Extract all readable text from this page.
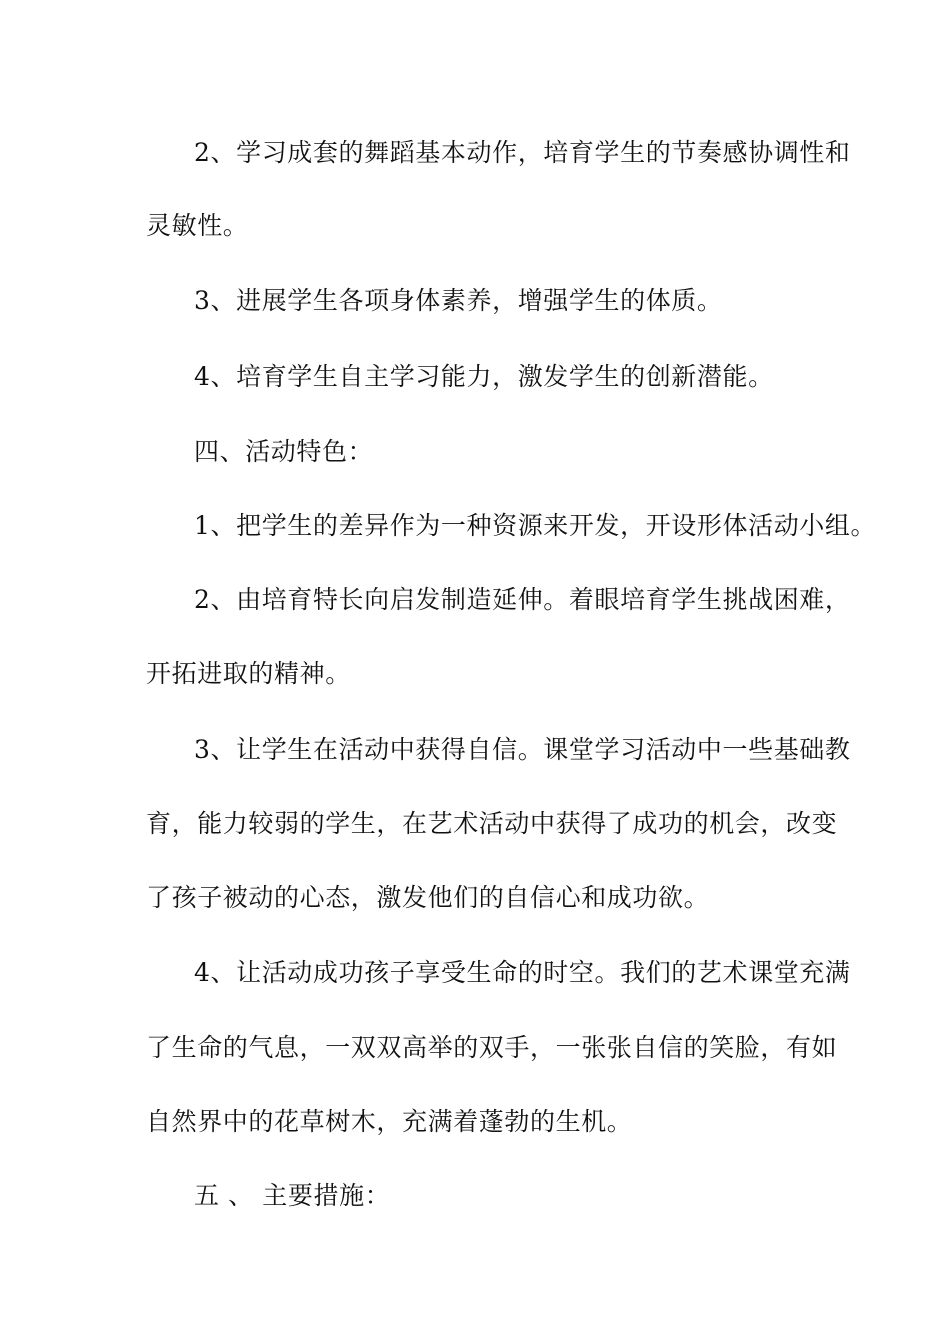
2、学习成套的舞蹈基本动作，培育学生的节奏感协调性和
灵敏性。
3、进展学生各项身体素养，增强学生的体质。
4、培育学生自主学习能力，激发学生的创新潜能。
四、活动特色：
1、把学生的差异作为一种资源来开发，开设形体活动小组。
2、由培育特长向启发制造延伸。着眼培育学生挑战困难，
开拓进取的精神。
3、让学生在活动中获得自信。课堂学习活动中一些基础教
育，能力较弱的学生，在艺术活动中获得了成功的机会，改变
了孩子被动的心态，激发他们的自信心和成功欲。
4、让活动成功孩子享受生命的时空。我们的艺术课堂充满
了生命的气息，一双双高举的双手，一张张自信的笑脸，有如
自然界中的花草树木，充满着蓬勃的生机。
五 、 主要措施：
